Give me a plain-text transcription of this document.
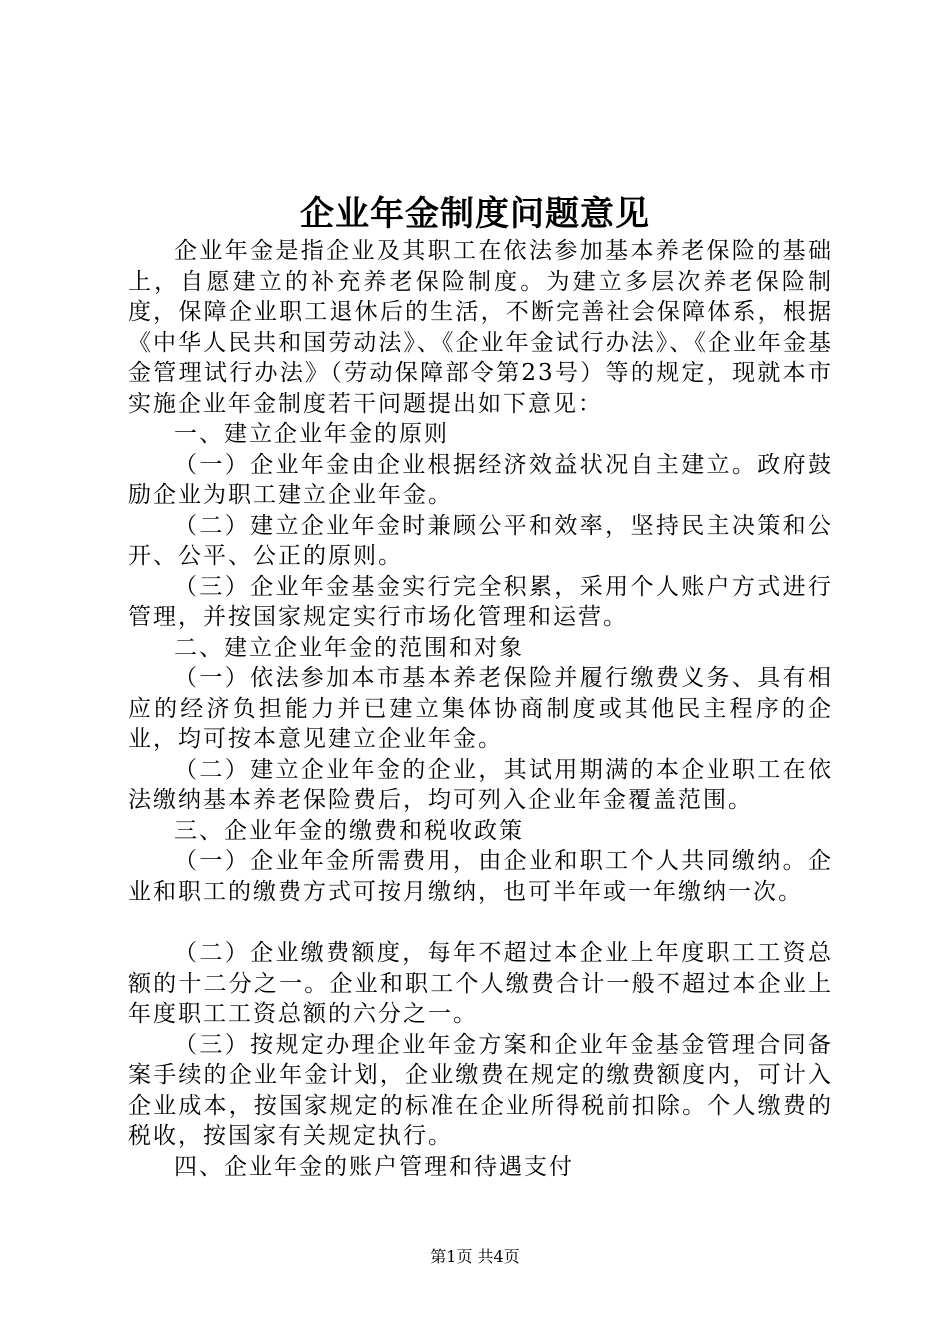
企业年金制度问题意见

企业年金是指企业及其职工在依法参加基本养老保险的基础上，自愿建立的补充养老保险制度。为建立多层次养老保险制度，保障企业职工退休后的生活，不断完善社会保障体系，根据《中华人民共和国劳动法》、《企业年金试行办法》、《企业年金基金管理试行办法》（劳动保障部令第23号）等的规定，现就本市实施企业年金制度若干问题提出如下意见：

一、建立企业年金的原则

（一）企业年金由企业根据经济效益状况自主建立。政府鼓励企业为职工建立企业年金。

（二）建立企业年金时兼顾公平和效率，坚持民主决策和公开、公平、公正的原则。

（三）企业年金基金实行完全积累，采用个人账户方式进行管理，并按国家规定实行市场化管理和运营。

二、建立企业年金的范围和对象

（一）依法参加本市基本养老保险并履行缴费义务、具有相应的经济负担能力并已建立集体协商制度或其他民主程序的企业，均可按本意见建立企业年金。

（二）建立企业年金的企业，其试用期满的本企业职工在依法缴纳基本养老保险费后，均可列入企业年金覆盖范围。

三、企业年金的缴费和税收政策

（一）企业年金所需费用，由企业和职工个人共同缴纳。企业和职工的缴费方式可按月缴纳，也可半年或一年缴纳一次。

（二）企业缴费额度，每年不超过本企业上年度职工工资总额的十二分之一。企业和职工个人缴费合计一般不超过本企业上年度职工工资总额的六分之一。

（三）按规定办理企业年金方案和企业年金基金管理合同备案手续的企业年金计划，企业缴费在规定的缴费额度内，可计入企业成本，按国家规定的标准在企业所得税前扣除。个人缴费的税收，按国家有关规定执行。

四、企业年金的账户管理和待遇支付

第1页 共4页
